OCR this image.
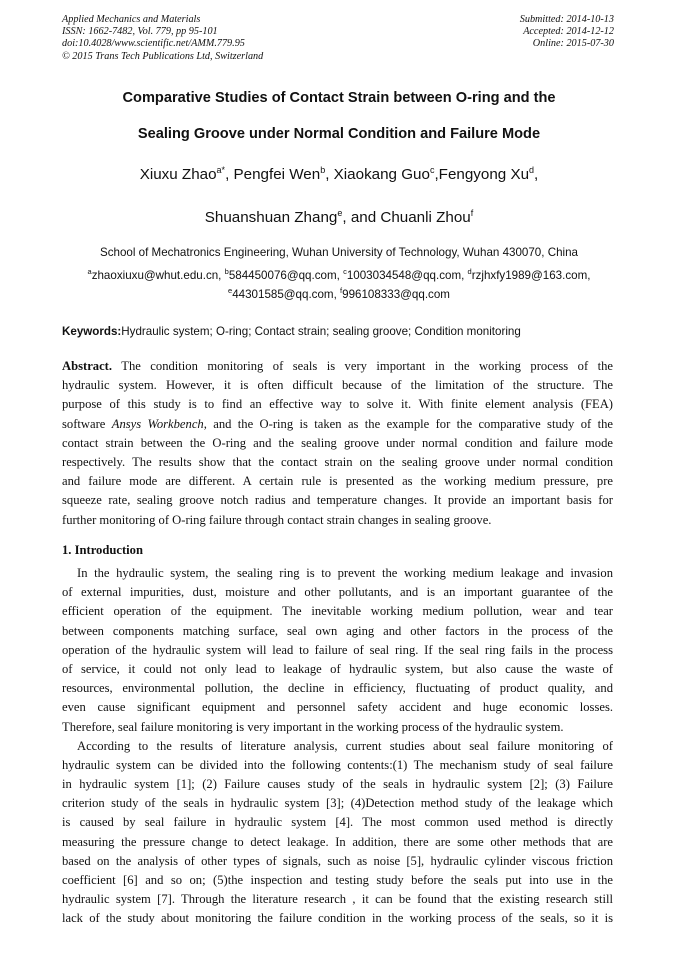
Applied Mechanics and Materials
ISSN: 1662-7482, Vol. 779, pp 95-101
doi:10.4028/www.scientific.net/AMM.779.95
© 2015 Trans Tech Publications Ltd, Switzerland
Submitted: 2014-10-13
Accepted: 2014-12-12
Online: 2015-07-30
Comparative Studies of Contact Strain between O-ring and the
Sealing Groove under Normal Condition and Failure Mode
Xiuxu Zhao$^{a*}$, Pengfei Wen$^b$, Xiaokang Guo$^c$,Fengyong Xu$^d$,
Shuanshuan Zhang$^e$, and Chuanli Zhou$^f$
School of Mechatronics Engineering, Wuhan University of Technology, Wuhan 430070, China
$^a$zhaoxiuxu@whut.edu.cn, $^b$584450076@qq.com, $^c$1003034548@qq.com, $^d$rzjhxfy1989@163.com,
$^e$44301585@qq.com, $^f$996108333@qq.com
Keywords:Hydraulic system; O-ring; Contact strain; sealing groove; Condition monitoring
Abstract. The condition monitoring of seals is very important in the working process of the
hydraulic system. However, it is often difficult because of the limitation of the structure. The
purpose of this study is to find an effective way to solve it. With finite element analysis (FEA)
software Ansys Workbench, and the O-ring is taken as the example for the comparative study of the
contact strain between the O-ring and the sealing groove under normal condition and failure mode
respectively. The results show that the contact strain on the sealing groove under normal condition
and failure mode are different. A certain rule is presented as the working medium pressure, pre
squeeze rate, sealing groove notch radius and temperature changes. It provide an important basis for
further monitoring of O-ring failure through contact strain changes in sealing groove.
1. Introduction
In the hydraulic system, the sealing ring is to prevent the working medium leakage and invasion
of external impurities, dust, moisture and other pollutants, and is an important guarantee of the
efficient operation of the equipment. The inevitable working medium pollution, wear and tear
between components matching surface, seal own aging and other factors in the process of the
operation of the hydraulic system will lead to failure of seal ring. If the seal ring fails in the process
of service, it could not only lead to leakage of hydraulic system, but also cause the waste of
resources, environmental pollution, the decline in efficiency, fluctuating of product quality, and
even cause significant equipment and personnel safety accident and huge economic losses.
Therefore, seal failure monitoring is very important in the working process of the hydraulic system.
According to the results of literature analysis, current studies about seal failure monitoring of
hydraulic system can be divided into the following contents:(1) The mechanism study of seal failure
in hydraulic system [1]; (2) Failure causes study of the seals in hydraulic system [2]; (3) Failure
criterion study of the seals in hydraulic system [3]; (4)Detection method study of the leakage which
is caused by seal failure in hydraulic system [4]. The most common used method is directly
measuring the pressure change to detect leakage. In addition, there are some other methods that are
based on the analysis of other types of signals, such as noise [5], hydraulic cylinder viscous friction
coefficient [6] and so on; (5)the inspection and testing study before the seals put into use in the
hydraulic system [7]. Through the literature research , it can be found that the existing research still
lack of the study about monitoring the failure condition in the working process of the seals, so it is
